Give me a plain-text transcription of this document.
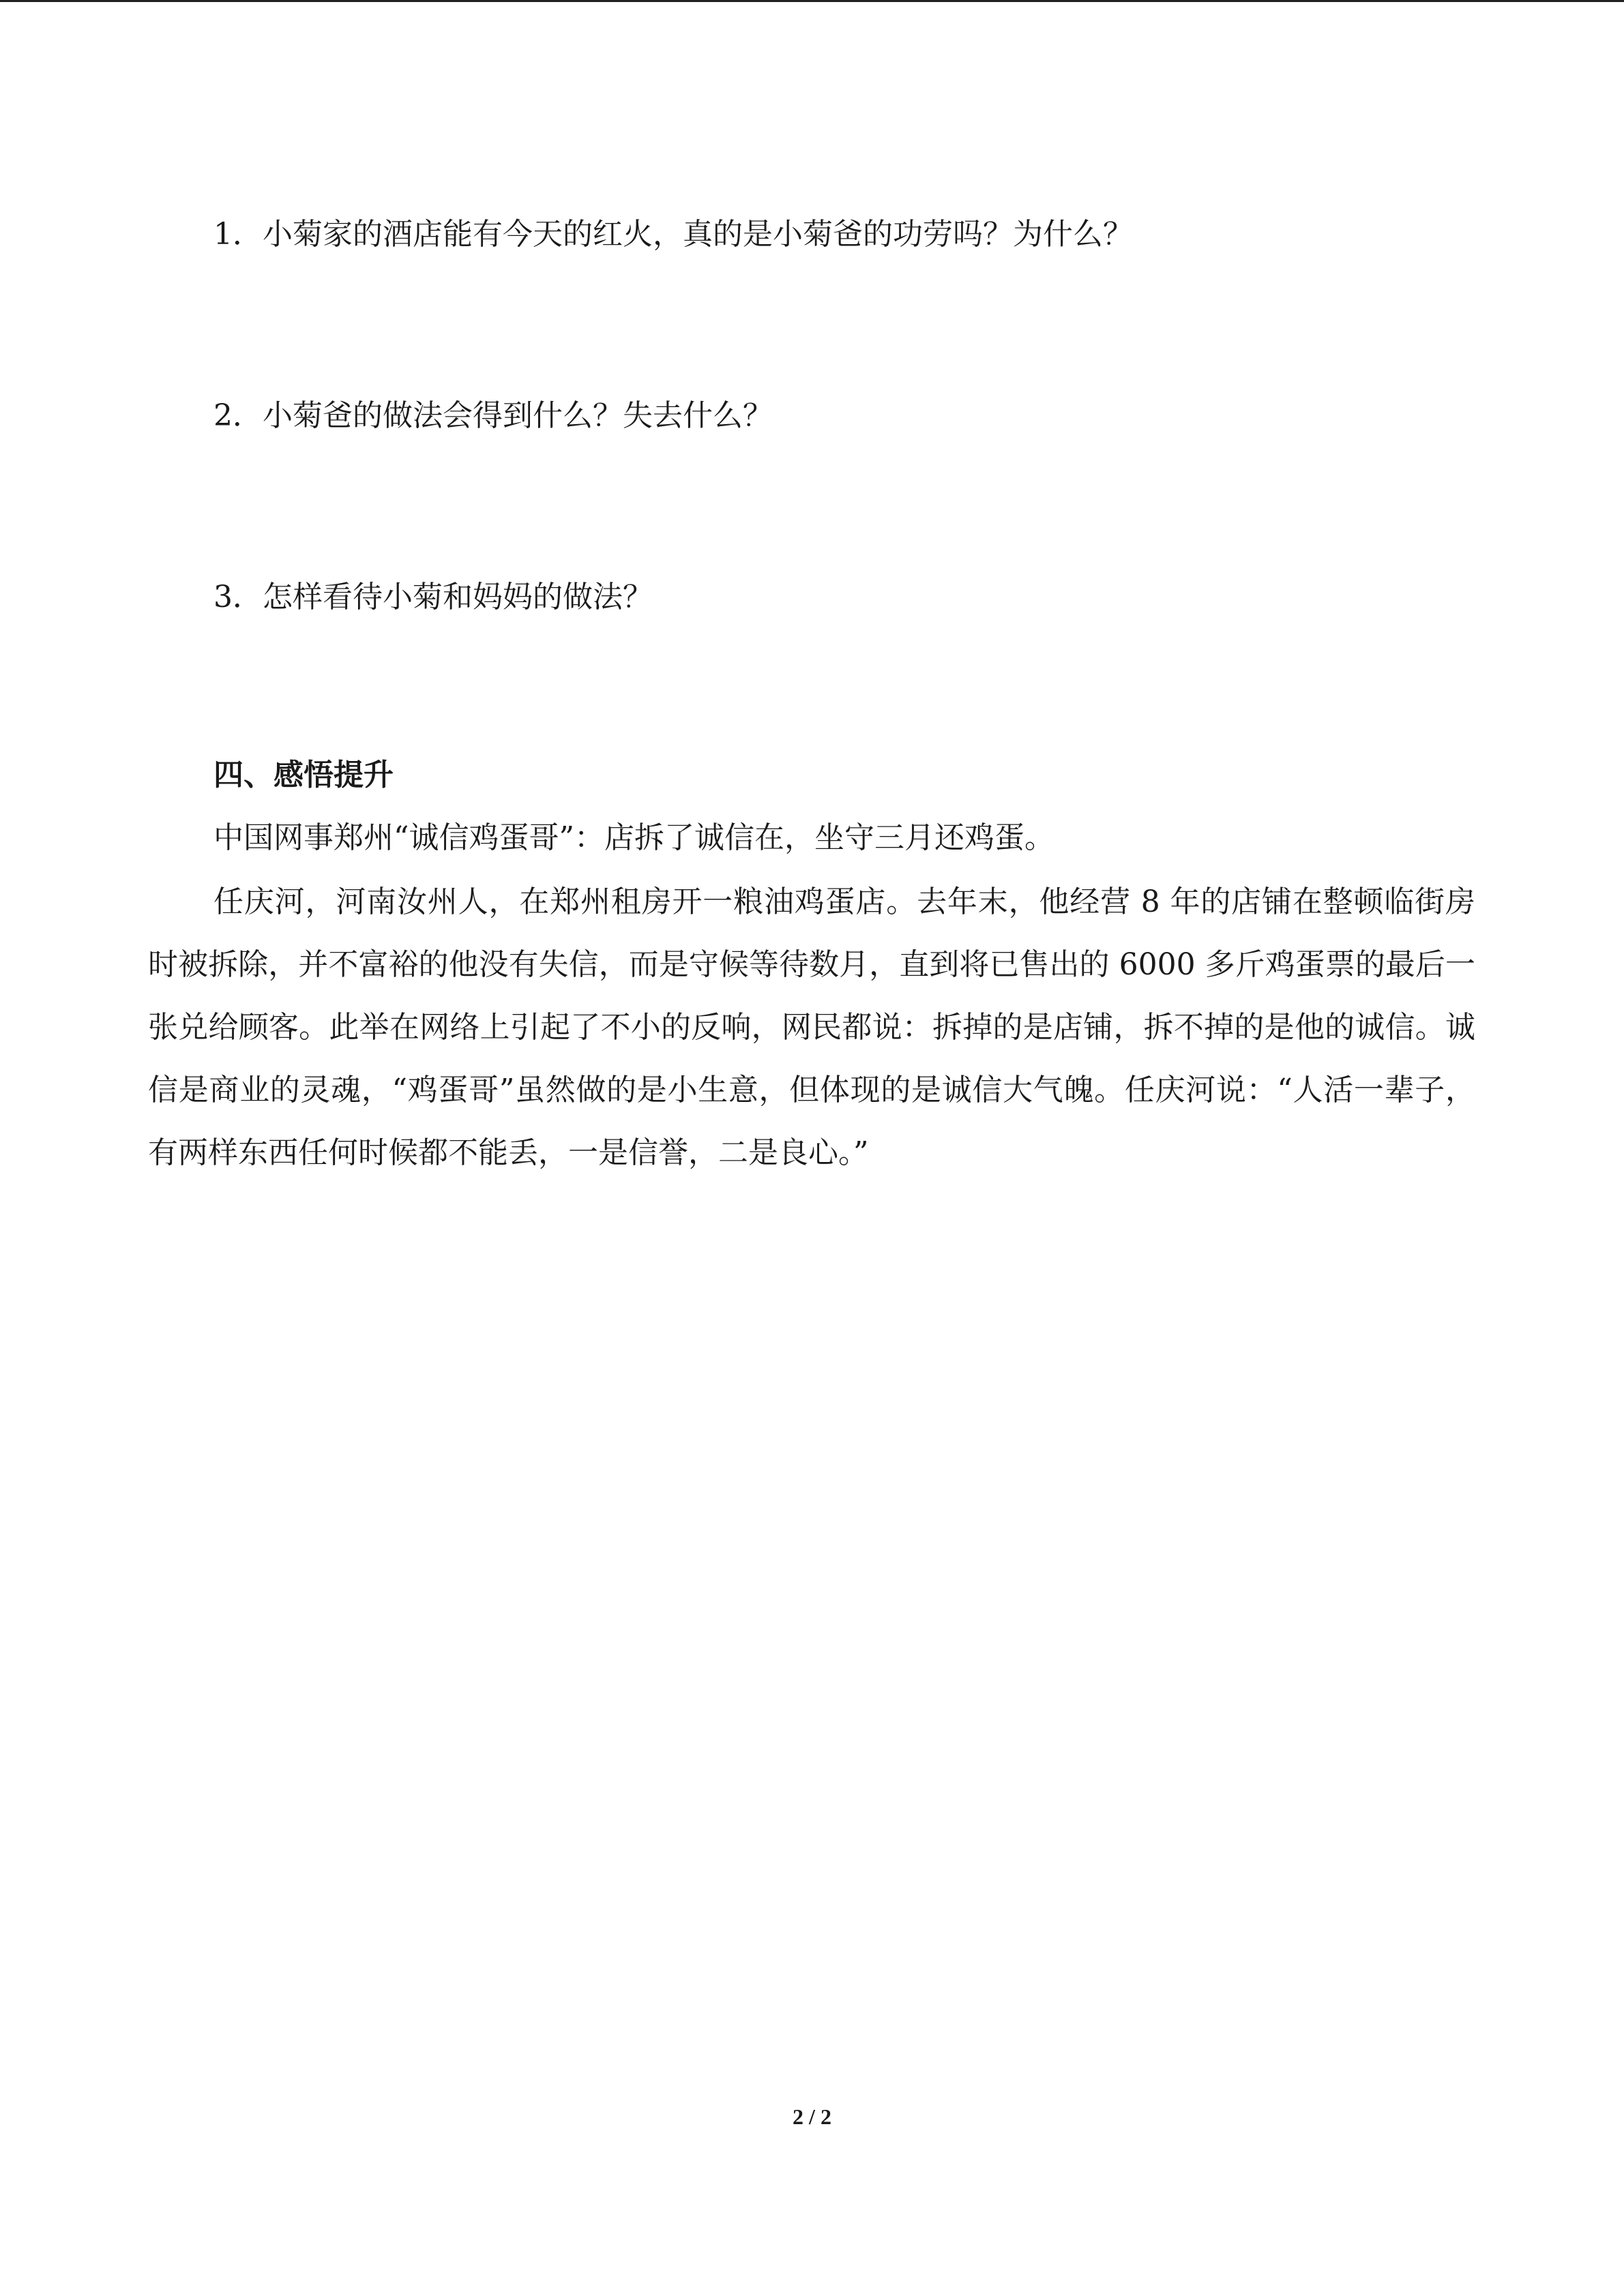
1．小菊家的酒店能有今天的红火，真的是小菊爸的功劳吗？为什么？
2．小菊爸的做法会得到什么？失去什么？
3．怎样看待小菊和妈妈的做法？
四、感悟提升
中国网事郑州“诚信鸡蛋哥”：店拆了诚信在，坐守三月还鸡蛋。

任庆河，河南汝州人，在郑州租房开一粮油鸡蛋店。去年末，他经营 8 年的店铺在整顿临街房时被拆除，并不富裕的他没有失信，而是守候等待数月，直到将已售出的 6000 多斤鸡蛋票的最后一张兑给顾客。此举在网络上引起了不小的反响，网民都说：拆掉的是店铺，拆不掉的是他的诚信。诚信是商业的灵魂，“鸡蛋哥”虽然做的是小生意，但体现的是诚信大气魄。任庆河说：“人活一辈子，有两样东西任何时候都不能丢，一是信誉，二是良心。”

2 / 2
